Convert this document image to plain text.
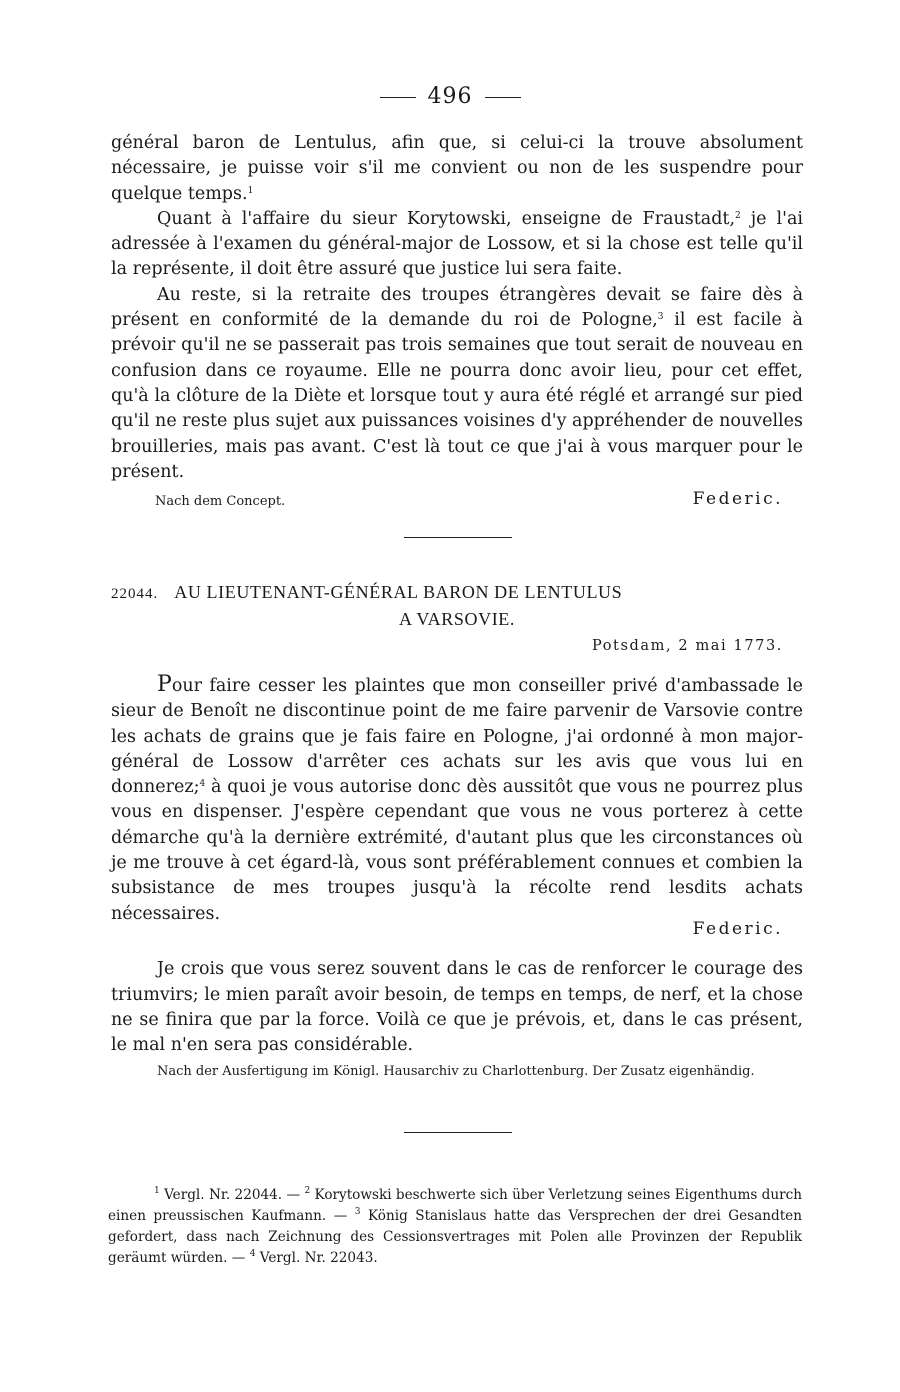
496

général baron de Lentulus, afin que, si celui-ci la trouve absolument nécessaire, je puisse voir s'il me convient ou non de les suspendre pour quelque temps.$^1$

Quant à l'affaire du sieur Korytowski, enseigne de Fraustadt,$^2$ je l'ai adressée à l'examen du général-major de Lossow, et si la chose est telle qu'il la représente, il doit être assuré que justice lui sera faite.

Au reste, si la retraite des troupes étrangères devait se faire dès à présent en conformité de la demande du roi de Pologne,$^3$ il est facile à prévoir qu'il ne se passerait pas trois semaines que tout serait de nouveau en confusion dans ce royaume. Elle ne pourra donc avoir lieu, pour cet effet, qu'à la clôture de la Diète et lorsque tout y aura été réglé et arrangé sur pied qu'il ne reste plus sujet aux puissances voisines d'y appréhender de nouvelles brouilleries, mais pas avant. C'est là tout ce que j'ai à vous marquer pour le présent.

Nach dem Concept.	Federic.
22044. AU LIEUTENANT-GÉNÉRAL BARON DE LENTULUS
A VARSOVIE.
Potsdam, 2 mai 1773.

Pour faire cesser les plaintes que mon conseiller privé d'ambassade le sieur de Benoît ne discontinue point de me faire parvenir de Varsovie contre les achats de grains que je fais faire en Pologne, j'ai ordonné à mon major-général de Lossow d'arrêter ces achats sur les avis que vous lui en donnerez;$^4$ à quoi je vous autorise donc dès aussitôt que vous ne pourrez plus vous en dispenser. J'espère cependant que vous ne vous porterez à cette démarche qu'à la dernière extrémité, d'autant plus que les circonstances où je me trouve à cet égard-là, vous sont préférablement connues et combien la subsistance de mes troupes jusqu'à la récolte rend lesdits achats nécessaires.

Federic.

Je crois que vous serez souvent dans le cas de renforcer le courage des triumvirs; le mien paraît avoir besoin, de temps en temps, de nerf, et la chose ne se finira que par la force. Voilà ce que je prévois, et, dans le cas présent, le mal n'en sera pas considérable.

Nach der Ausfertigung im Königl. Hausarchiv zu Charlottenburg. Der Zusatz eigenhändig.

$^1$ Vergl. Nr. 22044. — $^2$ Korytowski beschwerte sich über Verletzung seines Eigenthums durch einen preussischen Kaufmann. — $^3$ König Stanislaus hatte das Versprechen der drei Gesandten gefordert, dass nach Zeichnung des Cessionsvertrages mit Polen alle Provinzen der Republik geräumt würden. — $^4$ Vergl. Nr. 22043.
